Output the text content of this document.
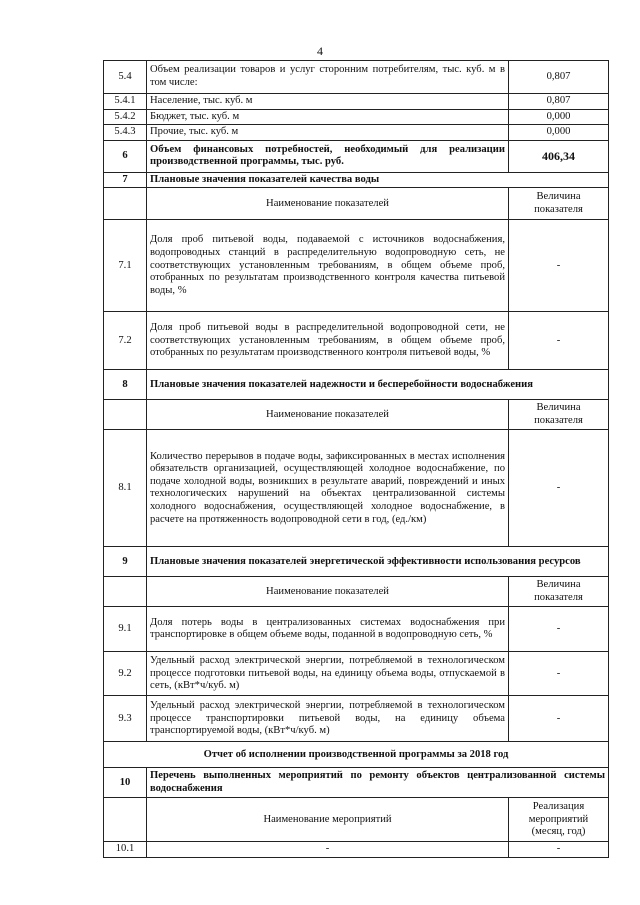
4
5.4	Объем реализации товаров и услуг сторонним потребителям, тыс. куб. м в том числе:	0,807
5.4.1	Население, тыс. куб. м	0,807
5.4.2	Бюджет, тыс. куб. м	0,000
5.4.3	Прочие, тыс. куб. м	0,000
6	Объем финансовых потребностей, необходимый для реализации производственной программы, тыс. руб.	406,34
7	Плановые значения показателей качества воды	
	Наименование показателей	Величина показателя
7.1	Доля проб питьевой воды, подаваемой с источников водоснабжения, водопроводных станций в распределительную водопроводную сеть, не соответствующих установленным требованиям, в общем объеме проб, отобранных по результатам производственного контроля качества питьевой воды, %	-
7.2	Доля проб питьевой воды в распределительной водопроводной сети, не соответствующих установленным требованиям, в общем объеме проб, отобранных по результатам производственного контроля питьевой воды, %	-
8	Плановые значения показателей надежности и бесперебойности водоснабжения	
	Наименование показателей	Величина показателя
8.1	Количество перерывов в подаче воды, зафиксированных в местах исполнения обязательств организацией, осуществляющей холодное водоснабжение, по подаче холодной воды, возникших в результате аварий, повреждений и иных технологических нарушений на объектах централизованной системы холодного водоснабжения, осуществляющей холодное водоснабжение, в расчете на протяженность водопроводной сети в год, (ед./км)	-
9	Плановые значения показателей энергетической эффективности использования ресурсов	
	Наименование показателей	Величина показателя
9.1	Доля потерь воды в централизованных системах водоснабжения при транспортировке в общем объеме воды, поданной в водопроводную сеть, %	-
9.2	Удельный расход электрической энергии, потребляемой в технологическом процессе подготовки питьевой воды, на единицу объема воды, отпускаемой в сеть, (кВт*ч/куб. м)	-
9.3	Удельный расход электрической энергии, потребляемой в технологическом процессе транспортировки питьевой воды, на единицу объема транспортируемой воды, (кВт*ч/куб. м)	-
Отчет об исполнении производственной программы за 2018 год		
10	Перечень выполненных мероприятий по ремонту объектов централизованной системы водоснабжения	
	Наименование мероприятий	Реализация мероприятий (месяц, год)
10.1	-	-
